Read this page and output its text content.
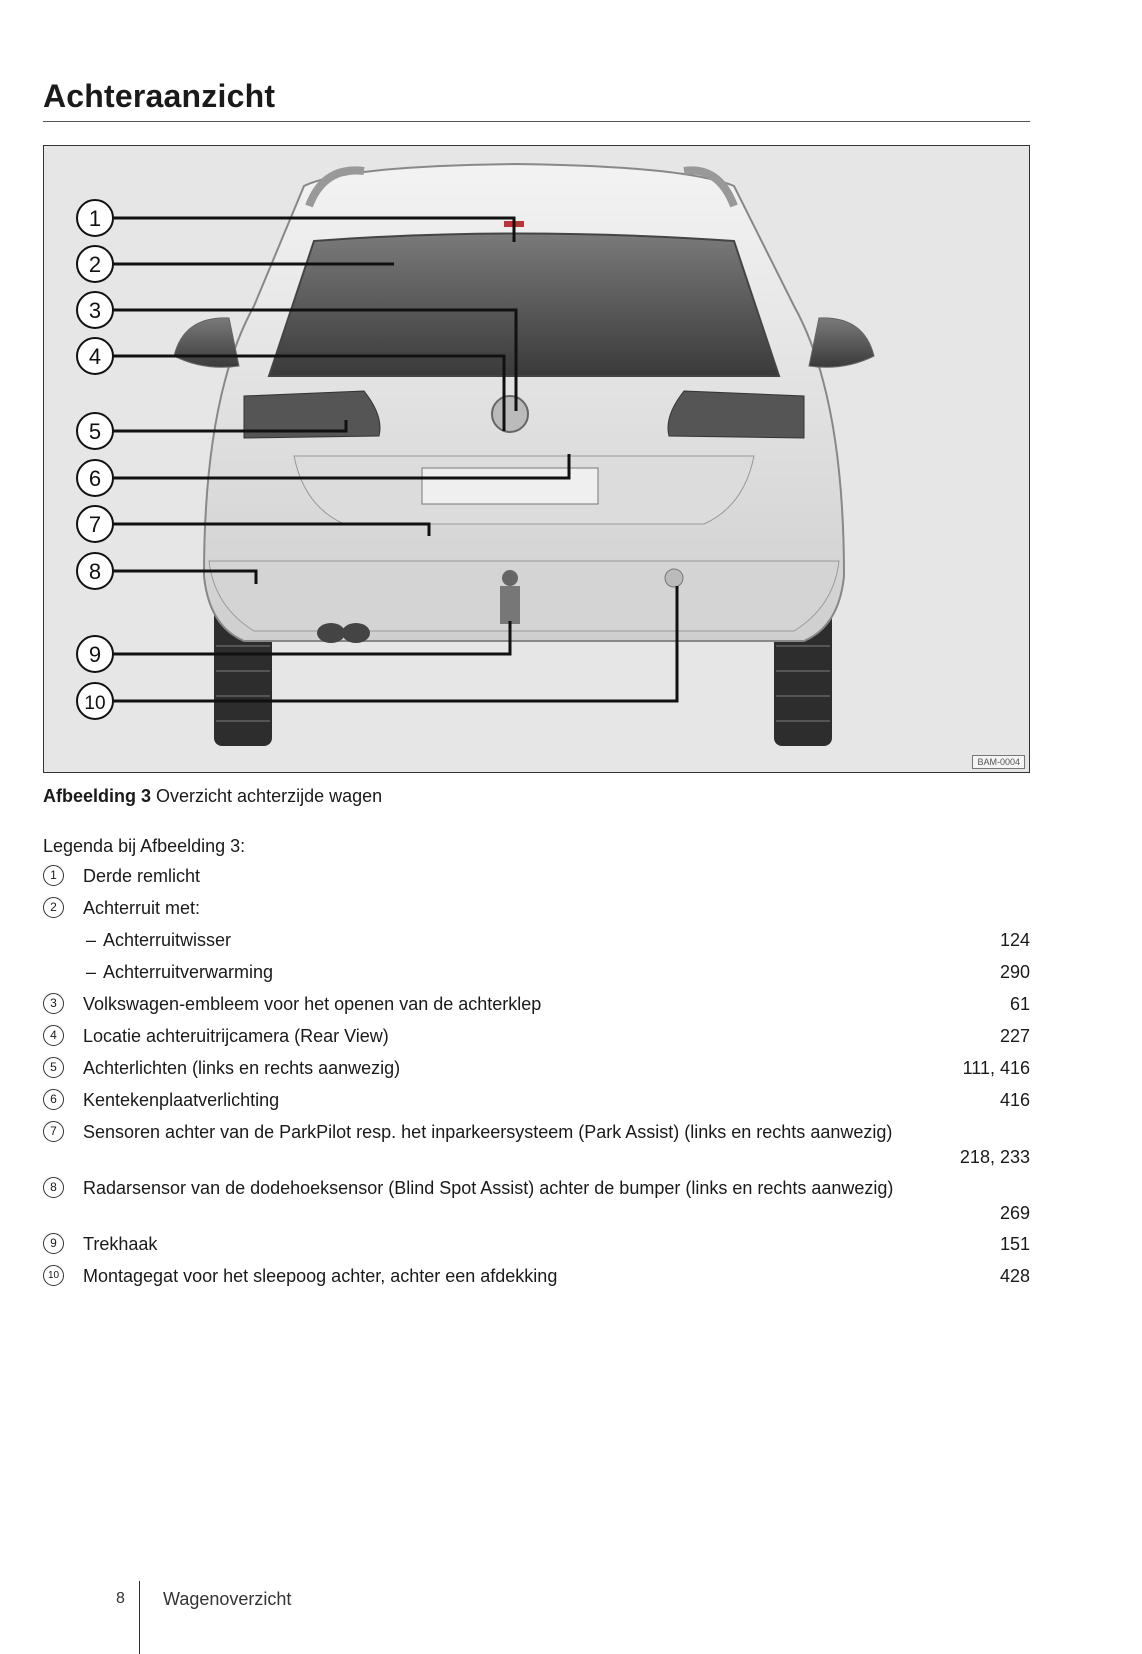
Achteraanzicht
1
2
3
4
5
6
7
8
9
10
BAM-0004
Afbeelding 3 Overzicht achterzijde wagen
Legenda bij Afbeelding 3:
1	Derde remlicht
2	Achterruit met:
– Achterruitwisser	124
– Achterruitverwarming	290
3	Volkswagen-embleem voor het openen van de achterklep	61
4	Locatie achteruitrijcamera (Rear View)	227
5	Achterlichten (links en rechts aanwezig)	111, 416
6	Kentekenplaatverlichting	416
7	Sensoren achter van de ParkPilot resp. het inparkeersysteem (Park Assist) (links en rechts aanwezig)
218, 233
8	Radarsensor van de dodehoeksensor (Blind Spot Assist) achter de bumper (links en rechts aanwezig)
269
9	Trekhaak	151
10 Montagegat voor het sleepoog achter, achter een afdekking	428
8 Wagenoverzicht
